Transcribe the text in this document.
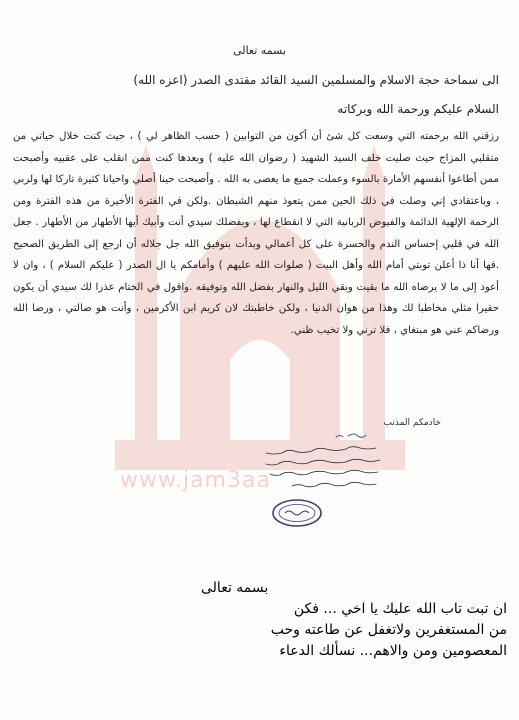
www.jam3aa
بسمه تعالى
الى سماحة حجة الاسلام والمسلمين السيد القائد مقتدى الصدر (اعزه الله)
السلام عليكم ورحمة الله وبركاته
رزقني الله برحمته التي وسعت كل شئ أن أكون من التوابين ( حسب الظاهر لي ) ، حيث كنت خلال حياتي من متقلبي المزاج حيث صليت خلف السيد الشهيد ( رضوان الله عليه ) وبعدها كنت ممن انقلب على عقبيه وأصبحت ممن أطاعوا أنفسهم الأمارة بالسوء وعملت جميع ما يعصى به الله . وأصبحت حينا أصلي واحيانا كثيرة تاركا لها ولربي ، وباعتقادي إني وصلت في ذلك الحين ممن يتعوذ منهم الشيطان .ولكن في الفترة الأخيرة من هذه الفترة ومن الرحمة الإلهية الدائمة والفيوض الربانية التي لا انقطاع لها ، وبفضلك سيدي أنت وأبيك أيها الأطهار من الأطهار . جعل الله في قلبي إحساس الندم والحسرة على كل أعمالي وبدأت بتوفيق الله جل جلاله أن ارجع إلى الطريق الصحيح .فها أنا ذا أعلن توبتي أمام الله وأهل البيت ( صلوات الله عليهم ) وأمامكم يا ال الصدر ( عليكم السلام ) ، وان لا أعود إلى ما لا يرضاه الله ما بقيت وبقي الليل والنهار بفضل الله وتوفيقه .واقول في الختام عذرا لك سيدي أن يكون حقيرا مثلي مخاطبا لك وهذا من هوان الدنيا ، ولكن خاطبتك لان كريم ابن الأكرمين ، وأنت هو ضالتي ، ورضا الله ورضاكم عني هو مبتغاي ، فلا ترني ولا تخيب ظني.
خادمكم المذنب
بسمه تعالى
ان تبت تاب الله عليك يا اخي ... فكن
من المستغفرين ولاتغفل عن طاعته وحب
المعصومين ومن والاهم... نسألك الدعاء
